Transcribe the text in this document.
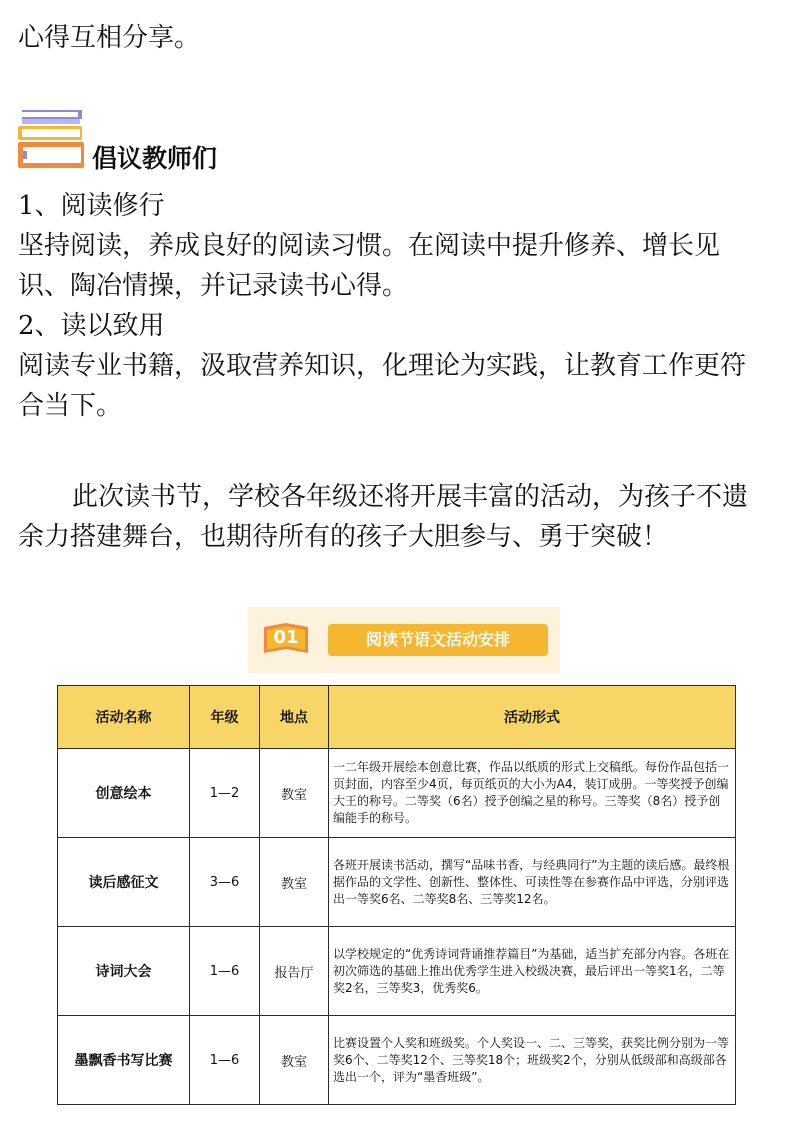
心得互相分享。

倡议教师们

1、阅读修行

坚持阅读，养成良好的阅读习惯。在阅读中提升修养、增长见识、陶冶情操，并记录读书心得。

2、读以致用

阅读专业书籍，汲取营养知识，化理论为实践，让教育工作更符合当下。

此次读书节，学校各年级还将开展丰富的活动，为孩子不遗余力搭建舞台，也期待所有的孩子大胆参与、勇于突破！

01	阅读节语文活动安排
活动名称	年级	地点	活动形式
创意绘本	1—2	教室	一二年级开展绘本创意比赛，作品以纸质的形式上交稿纸。每份作品包括一页封面，内容至少4页，每页纸页的大小为A4，装订成册。一等奖授予创编大王的称号。二等奖（6名）授予创编之星的称号。三等奖（8名）授予创编能手的称号。
读后感征文	3—6	教室	各班开展读书活动，撰写“品味书香，与经典同行”为主题的读后感。最终根据作品的文学性、创新性、整体性、可读性等在参赛作品中评选，分别评选出一等奖6名、二等奖8名、三等奖12名。
诗词大会	1—6	报告厅	以学校规定的“优秀诗词背诵推荐篇目”为基础，适当扩充部分内容。各班在初次筛选的基础上推出优秀学生进入校级决赛，最后评出一等奖1名，二等奖2名，三等奖3，优秀奖6。
墨飘香书写比赛	1—6	教室	比赛设置个人奖和班级奖。个人奖设一、二、三等奖，获奖比例分别为一等奖6个、二等奖12个、三等奖18个；班级奖2个，分别从低级部和高级部各选出一个，评为“墨香班级”。
